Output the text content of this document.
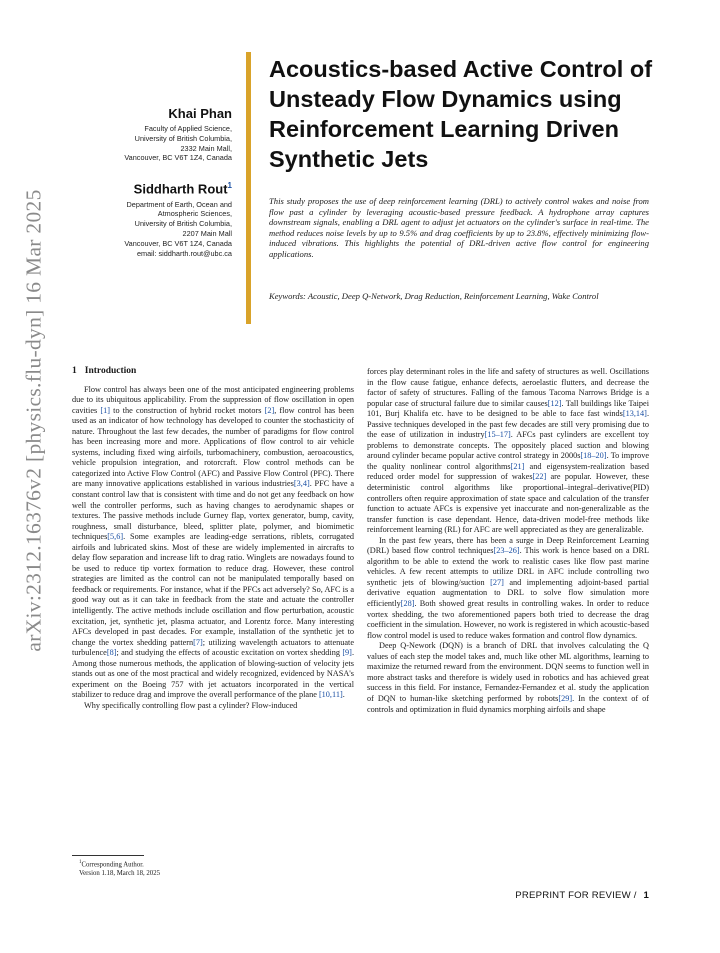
arXiv:2312.16376v2 [physics.flu-dyn] 16 Mar 2025
Khai Phan
Faculty of Applied Science,
University of British Columbia,
2332 Main Mall,
Vancouver, BC V6T 1Z4, Canada
Siddharth Rout$^1$
Department of Earth, Ocean and
Atmospheric Sciences,
University of British Columbia,
2207 Main Mall
Vancouver, BC V6T 1Z4, Canada
email: siddharth.rout@ubc.ca
Acoustics-based Active Control of Unsteady Flow Dynamics using Reinforcement Learning Driven Synthetic Jets

This study proposes the use of deep reinforcement learning (DRL) to actively control wakes and noise from flow past a cylinder by leveraging acoustic-based pressure feedback. A hydrophone array captures downstream signals, enabling a DRL agent to adjust jet actuators on the cylinder's surface in real-time. The method reduces noise levels by up to 9.5% and drag coefficients by up to 23.8%, effectively minimizing flow-induced vibrations. This highlights the potential of DRL-driven active flow control for engineering applications.

Keywords: Acoustic, Deep Q-Network, Drag Reduction, Reinforcement Learning, Wake Control

1 Introduction

Flow control has always been one of the most anticipated engineering problems due to its ubiquitous applicability. From the suppression of flow oscillation in open cavities [1] to the construction of hybrid rocket motors [2], flow control has been used as an indicator of how technology has developed to counter the stochasticity of nature. Throughout the last few decades, the number of paradigms for flow control has been increasing more and more. Applications of flow control to air vehicle systems, including fixed wing airfoils, turbomachinery, combustion, aeroacoustics, vehicle propulsion integration, and rotorcraft. Flow control methods can be categorized into Active Flow Control (AFC) and Passive Flow Control (PFC). There are many innovative applications established in various industries[3,4]. PFC have a constant control law that is consistent with time and do not get any feedback on how well the controller performs, such as having changes to aerodynamic shapes or textures. The passive methods include Gurney flap, vortex generator, bump, cavity, roughness, small disturbance, bleed, splitter plate, polymer, and biomimetic techniques[5,6]. Some examples are leading-edge serrations, riblets, corrugated airfoils and lubricated skins. Most of these are widely implemented in aircrafts to delay flow separation and increase lift to drag ratio. Winglets are nowadays found to be used to reduce tip vortex formation to reduce drag. However, these control strategies are limited as the control can not be manipulated temporally based on feedback or requirements. For instance, what if the PFCs act adversely? So, AFC is a good way out as it can take in feedback from the state and actuate the controller intelligently. The active methods include oscillation and flow perturbation, acoustic excitation, jet, synthetic jet, plasma actuator, and Lorentz force. Many interesting AFCs developed in past decades. For example, installation of the synthetic jet to change the vortex shedding pattern[7]; utilizing wavelength actuators to attenuate turbulence[8]; and studying the effects of acoustic excitation on vortex shedding [9]. Among those numerous methods, the application of blowing-suction of velocity jets stands out as one of the most practical and widely recognized, evidenced by NASA's experiment on the Boeing 757 with jet actuators incorporated in the vertical stabilizer to reduce drag and improve the overall performance of the plane [10,11].

Why specifically controlling flow past a cylinder? Flow-induced

forces play determinant roles in the life and safety of structures as well. Oscillations in the flow cause fatigue, enhance defects, aeroelastic flutters, and decrease the factor of safety of structures. Falling of the famous Tacoma Narrows Bridge is a popular case of structural failure due to similar causes[12]. Tall buildings like Taipei 101, Burj Khalifa etc. have to be designed to be able to face fast winds[13,14]. Passive techniques developed in the past few decades are still very promising due to the ease of utilization in industry[15–17]. AFCs past cylinders are excellent toy problems to demonstrate concepts. The oppositely placed suction and blowing around cylinder became popular active control strategy in 2000s[18–20]. To improve the quality nonlinear control algorithms[21] and eigensystem-realization based reduced order model for suppression of wakes[22] are popular. However, these deterministic control algorithms like proportional–integral–derivative(PID) controllers often require approximation of state space and calculation of the transfer function to actuate AFCs is expensive yet inaccurate and non-generalizable as the transfer function is case dependant. Hence, data-driven model-free methods like reinforcement learning (RL) for AFC are well appreciated as they are generalizable.

In the past few years, there has been a surge in Deep Reinforcement Learning (DRL) based flow control techniques[23–26]. This work is hence based on a DRL algorithm to be able to extend the work to realistic cases like flow past marine vehicles. A few recent attempts to utilize DRL in AFC include controlling two synthetic jets of blowing/suction [27] and implementing adjoint-based partial derivative equation augmentation to DRL to solve flow simulation more efficiently[28]. Both showed great results in controlling wakes. In order to reduce vortex shedding, the two aforementioned papers both tried to decrease the drag coefficient in the simulation. However, no work is registered in which acoustic-based flow control model is used to reduce wakes formation and control flow dynamics.

Deep Q-Nework (DQN) is a branch of DRL that involves calculating the Q values of each step the model takes and, much like other ML algorithms, learning to maximize the returned reward from the environment. DQN seems to function well in more abstract tasks and therefore is widely used in robotics and has achieved great success in this field. For instance, Fernandez-Fernandez et al. study the application of DQN to human-like sketching performed by robots[29]. In the context of of controls and optimization in fluid dynamics morphing airfoils and shape

$^1$Corresponding Author.
Version 1.18, March 18, 2025
PREPRINT FOR REVIEW / 1
